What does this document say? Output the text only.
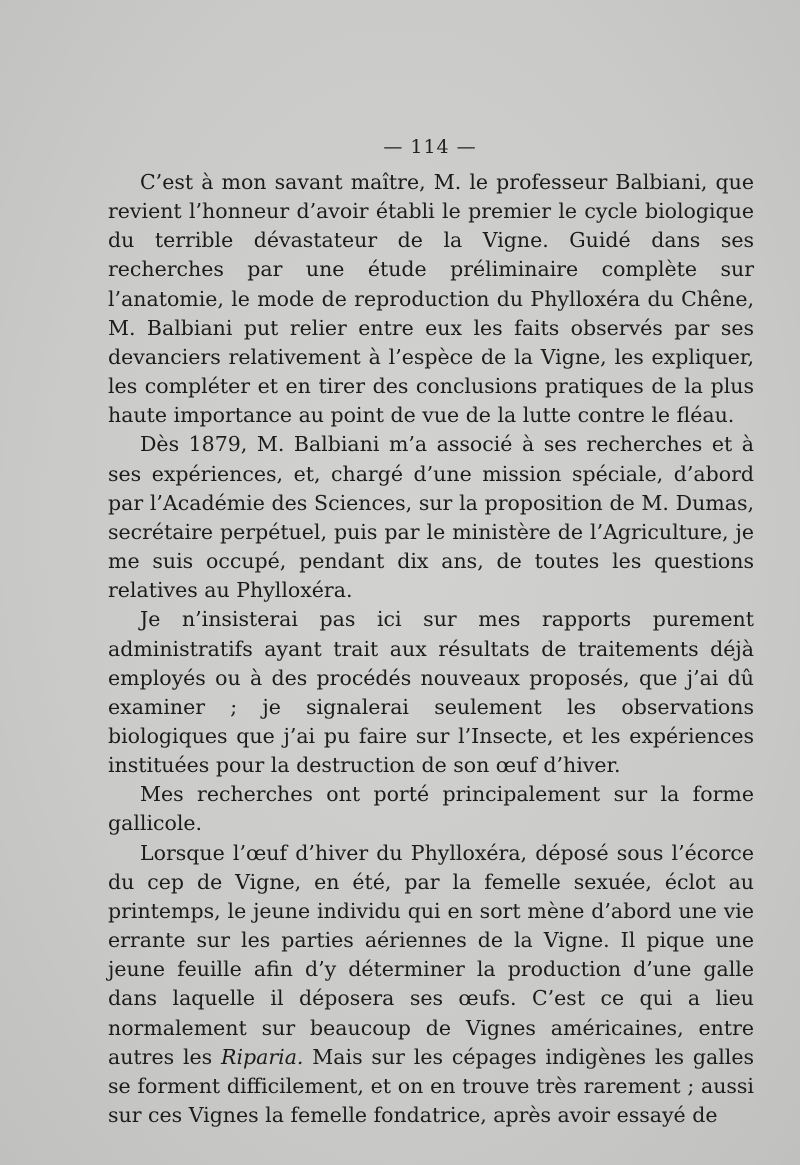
— 114 —

C’est à mon savant maître, M. le professeur Balbiani, que revient l’honneur d’avoir établi le premier le cycle biologique du terrible dévastateur de la Vigne. Guidé dans ses recherches par une étude préliminaire complète sur l’anatomie, le mode de reproduction du Phylloxéra du Chêne, M. Balbiani put relier entre eux les faits observés par ses devanciers relativement à l’espèce de la Vigne, les expliquer, les compléter et en tirer des conclusions pratiques de la plus haute importance au point de vue de la lutte contre le fléau.

Dès 1879, M. Balbiani m’a associé à ses recherches et à ses expériences, et, chargé d’une mission spéciale, d’abord par l’Académie des Sciences, sur la proposition de M. Dumas, secrétaire perpétuel, puis par le ministère de l’Agriculture, je me suis occupé, pendant dix ans, de toutes les questions relatives au Phylloxéra.

Je n’insisterai pas ici sur mes rapports purement administratifs ayant trait aux résultats de traitements déjà employés ou à des procédés nouveaux proposés, que j’ai dû examiner ; je signalerai seulement les observations biologiques que j’ai pu faire sur l’Insecte, et les expériences instituées pour la destruction de son œuf d’hiver.

Mes recherches ont porté principalement sur la forme gallicole.

Lorsque l’œuf d’hiver du Phylloxéra, déposé sous l’écorce du cep de Vigne, en été, par la femelle sexuée, éclot au printemps, le jeune individu qui en sort mène d’abord une vie errante sur les parties aériennes de la Vigne. Il pique une jeune feuille afin d’y déterminer la production d’une galle dans laquelle il déposera ses œufs. C’est ce qui a lieu normalement sur beaucoup de Vignes américaines, entre autres les Riparia. Mais sur les cépages indigènes les galles se forment difficilement, et on en trouve très rarement ; aussi sur ces Vignes la femelle fondatrice, après avoir essayé de
